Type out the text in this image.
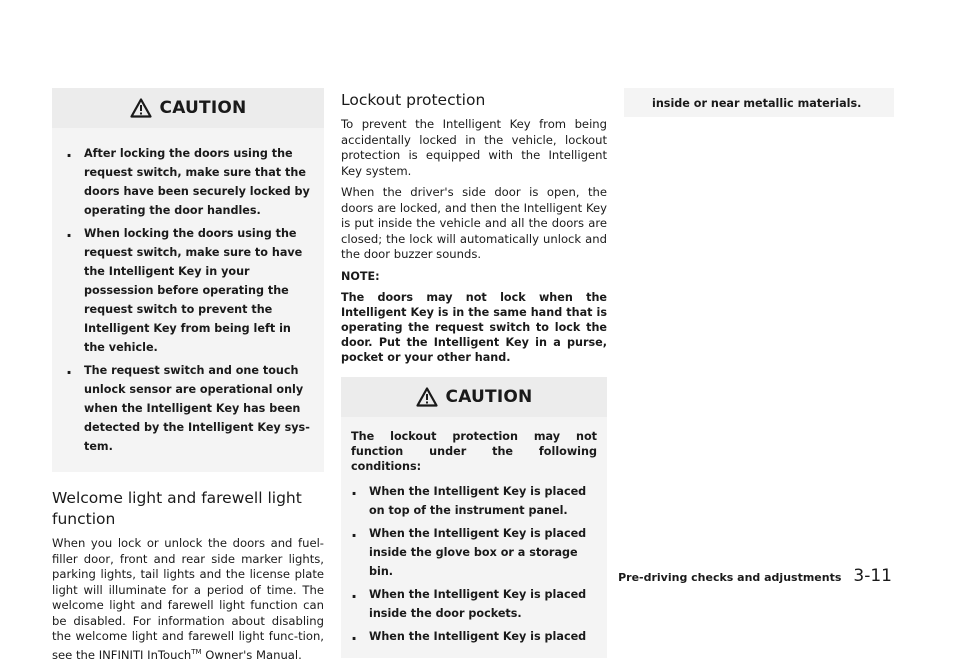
CAUTION
. After locking the doors using the request switch, make sure that the doors have been securely locked by operating the door handles.
. When locking the doors using the request switch, make sure to have the Intelligent Key in your possession before operating the request switch to prevent the Intelligent Key from being left in the vehicle.
. The request switch and one touch unlock sensor are operational only when the Intelligent Key has been detected by the Intelligent Key sys-tem.
Welcome light and farewell light function

When you lock or unlock the doors and fuel-filler door, front and rear side marker lights, parking lights, tail lights and the license plate light will illuminate for a period of time. The welcome light and farewell light function can be disabled. For information about disabling the welcome light and farewell light func-tion, see the INFINITI InTouch™ Owner's Manual.

Lockout protection

To prevent the Intelligent Key from being accidentally locked in the vehicle, lockout protection is equipped with the Intelligent Key system.

When the driver's side door is open, the doors are locked, and then the Intelligent Key is put inside the vehicle and all the doors are closed; the lock will automatically unlock and the door buzzer sounds.

NOTE:

The doors may not lock when the Intelligent Key is in the same hand that is operating the request switch to lock the door. Put the Intelligent Key in a purse, pocket or your other hand.

CAUTION

The lockout protection may not function under the following conditions:

. When the Intelligent Key is placed on top of the instrument panel.
. When the Intelligent Key is placed inside the glove box or a storage bin.
. When the Intelligent Key is placed inside the door pockets.
. When the Intelligent Key is placed
inside or near metallic materials.
Pre-driving checks and adjustments 3-11
